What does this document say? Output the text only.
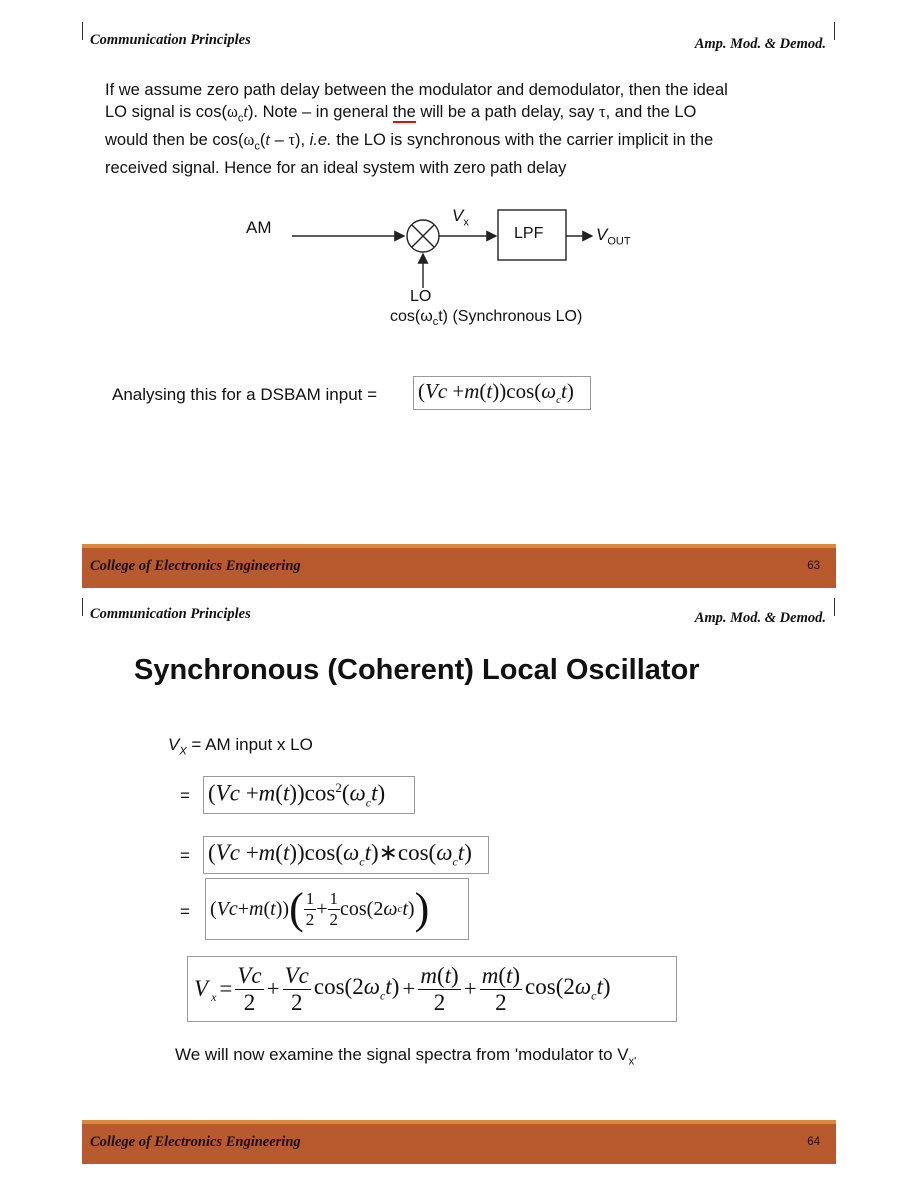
Communication Principles	Amp. Mod. & Demod.
If we assume zero path delay between the modulator and demodulator, then the ideal
LO signal is $\cos(\omega_ct)$. Note – in general the will be a path delay, say τ, and the LO
would then be $\cos(\omega_c(t - \tau)$, i.e. the LO is synchronous with the carrier implicit in the
received signal. Hence for an ideal system with zero path delay
AM
$V_x$
LPF	$V_{OUT}$
LO
$\cos(\omega_ct)$ (Synchronous LO)
Analysing this for a DSBAM input = $(Vc +m(t))\cos(\omega_ct)$
College of Electronics Engineering	63
Communication Principles	Amp. Mod. & Demod.
Synchronous (Coherent) Local Oscillator
$V_X$ = AM input x LO
= $(Vc +m(t))\cos^2(\omega_ct)$
= $(Vc +m(t))\cos(\omega_ct)∗\cos(\omega_ct)$
= ( Vc + m ( t )) ( $\frac{1}{2} + \frac{1}{2} \cos(2$ ω c t ) )
V $_x = \frac{Vc}{2} + \frac{Vc}{2} \cos(2\omega_ct) + \frac{m(t)}{2} + \frac{m(t)}{2} \cos(2\omega_ct)$
We will now examine the signal spectra from 'modulator to $V_{x'}$
College of Electronics Engineering	64
